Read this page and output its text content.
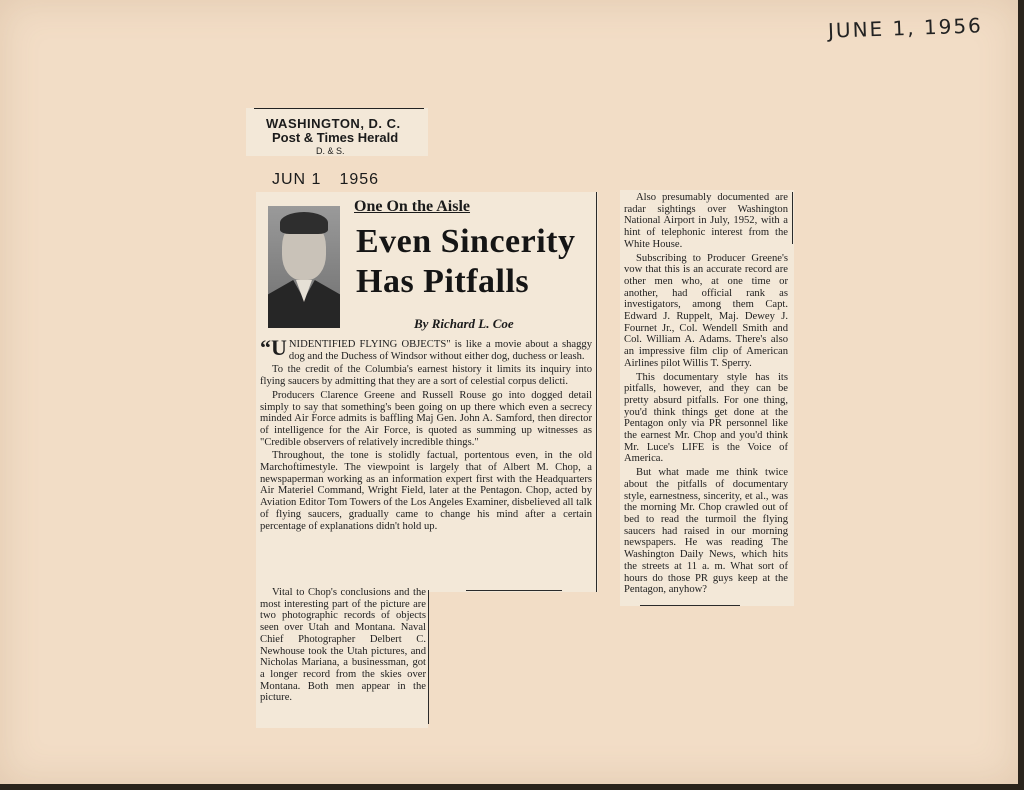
JUNE 1, 1956
WASHINGTON, D. C.
Post & Times Herald
D. & S.
JUN 1 1956
One On the Aisle
Even Sincerity
Has Pitfalls
By Richard L. Coe

“U NIDENTIFIED FLYING OBJECTS" is like a movie about a shaggy dog and the Duchess of Windsor without either dog, duchess or leash.

To the credit of the Columbia's earnest history it limits its inquiry into flying saucers by admitting that they are a sort of celestial corpus delicti.

Producers Clarence Greene and Russell Rouse go into dogged detail simply to say that something's been going on up there which even a secrecy minded Air Force admits is baffling Maj Gen. John A. Samford, then director of intelligence for the Air Force, is quoted as summing up witnesses as "Credible observers of relatively incredible things."

Throughout, the tone is stolidly factual, portentous even, in the old Marchoftimestyle. The viewpoint is largely that of Albert M. Chop, a newspaperman working as an information expert first with the Headquarters Air Materiel Command, Wright Field, later at the Pentagon. Chop, acted by Aviation Editor Tom Towers of the Los Angeles Examiner, disbelieved all talk of flying saucers, gradually came to change his mind after a certain percentage of explanations didn't hold up.

Vital to Chop's conclusions and the most interesting part of the picture are two photographic records of objects seen over Utah and Montana. Naval Chief Photographer Delbert C. Newhouse took the Utah pictures, and Nicholas Mariana, a businessman, got a longer record from the skies over Montana. Both men appear in the picture.

Also presumably documented are radar sightings over Washington National Airport in July, 1952, with a hint of telephonic interest from the White House.

Subscribing to Producer Greene's vow that this is an accurate record are other men who, at one time or another, had official rank as investigators, among them Capt. Edward J. Ruppelt, Maj. Dewey J. Fournet Jr., Col. Wendell Smith and Col. William A. Adams. There's also an impressive film clip of American Airlines pilot Willis T. Sperry.

This documentary style has its pitfalls, however, and they can be pretty absurd pitfalls. For one thing, you'd think things get done at the Pentagon only via PR personnel like the earnest Mr. Chop and you'd think Mr. Luce's LIFE is the Voice of America.

But what made me think twice about the pitfalls of documentary style, earnestness, sincerity, et al., was the morning Mr. Chop crawled out of bed to read the turmoil the flying saucers had raised in our morning newspapers. He was reading The Washington Daily News, which hits the streets at 11 a. m. What sort of hours do those PR guys keep at the Pentagon, anyhow?
